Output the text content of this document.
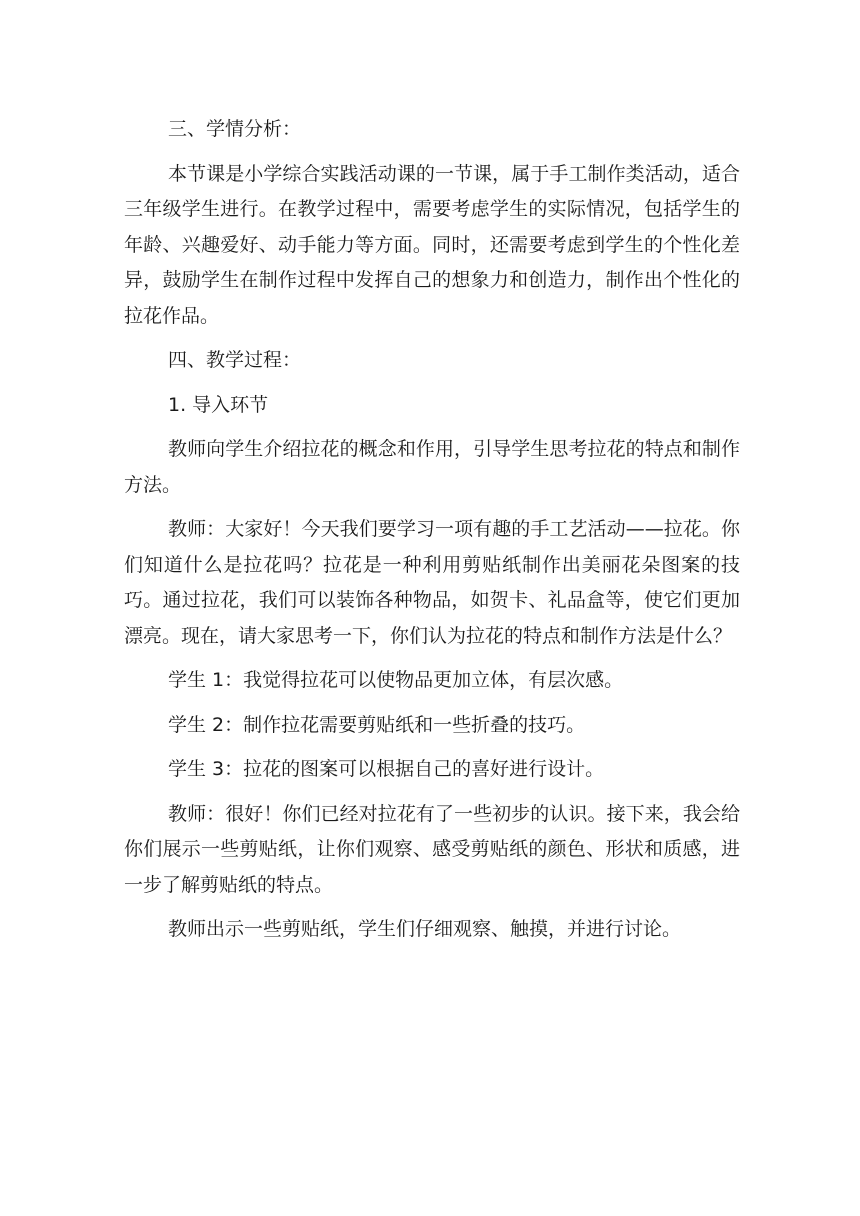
三、学情分析：

本节课是小学综合实践活动课的一节课，属于手工制作类活动，适合三年级学生进行。在教学过程中，需要考虑学生的实际情况，包括学生的年龄、兴趣爱好、动手能力等方面。同时，还需要考虑到学生的个性化差异，鼓励学生在制作过程中发挥自己的想象力和创造力，制作出个性化的拉花作品。

四、教学过程：

1. 导入环节

教师向学生介绍拉花的概念和作用，引导学生思考拉花的特点和制作方法。

教师：大家好！今天我们要学习一项有趣的手工艺活动——拉花。你们知道什么是拉花吗？拉花是一种利用剪贴纸制作出美丽花朵图案的技巧。通过拉花，我们可以装饰各种物品，如贺卡、礼品盒等，使它们更加漂亮。现在，请大家思考一下，你们认为拉花的特点和制作方法是什么？

学生 1：我觉得拉花可以使物品更加立体，有层次感。

学生 2：制作拉花需要剪贴纸和一些折叠的技巧。

学生 3：拉花的图案可以根据自己的喜好进行设计。

教师：很好！你们已经对拉花有了一些初步的认识。接下来，我会给你们展示一些剪贴纸，让你们观察、感受剪贴纸的颜色、形状和质感，进一步了解剪贴纸的特点。

教师出示一些剪贴纸，学生们仔细观察、触摸，并进行讨论。
